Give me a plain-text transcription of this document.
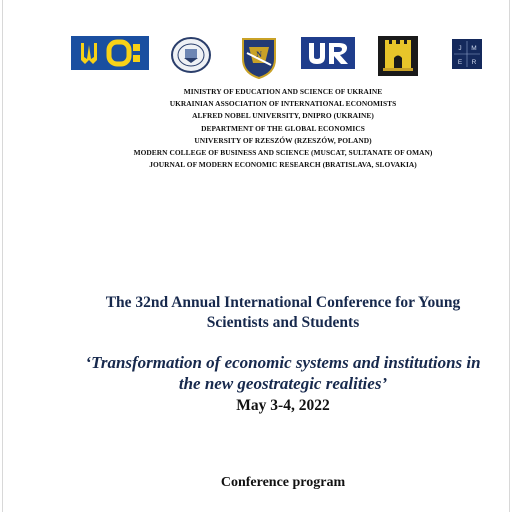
N
J M
E R
MINISTRY OF EDUCATION AND SCIENCE OF UKRAINE
UKRAINIAN ASSOCIATION OF INTERNATIONAL ECONOMISTS
ALFRED NOBEL UNIVERSITY, DNIPRO (UKRAINE)
DEPARTMENT OF THE GLOBAL ECONOMICS
UNIVERSITY OF RZESZÓW (RZESZÓW, POLAND)
MODERN COLLEGE OF BUSINESS AND SCIENCE (MUSCAT, SULTANATE OF OMAN)
JOURNAL OF MODERN ECONOMIC RESEARCH (BRATISLAVA, SLOVAKIA)
The 32nd Annual International Conference for Young
Scientists and Students
‘Transformation of economic systems and institutions in
the new geostrategic realities’
May 3-4, 2022
Conference program
